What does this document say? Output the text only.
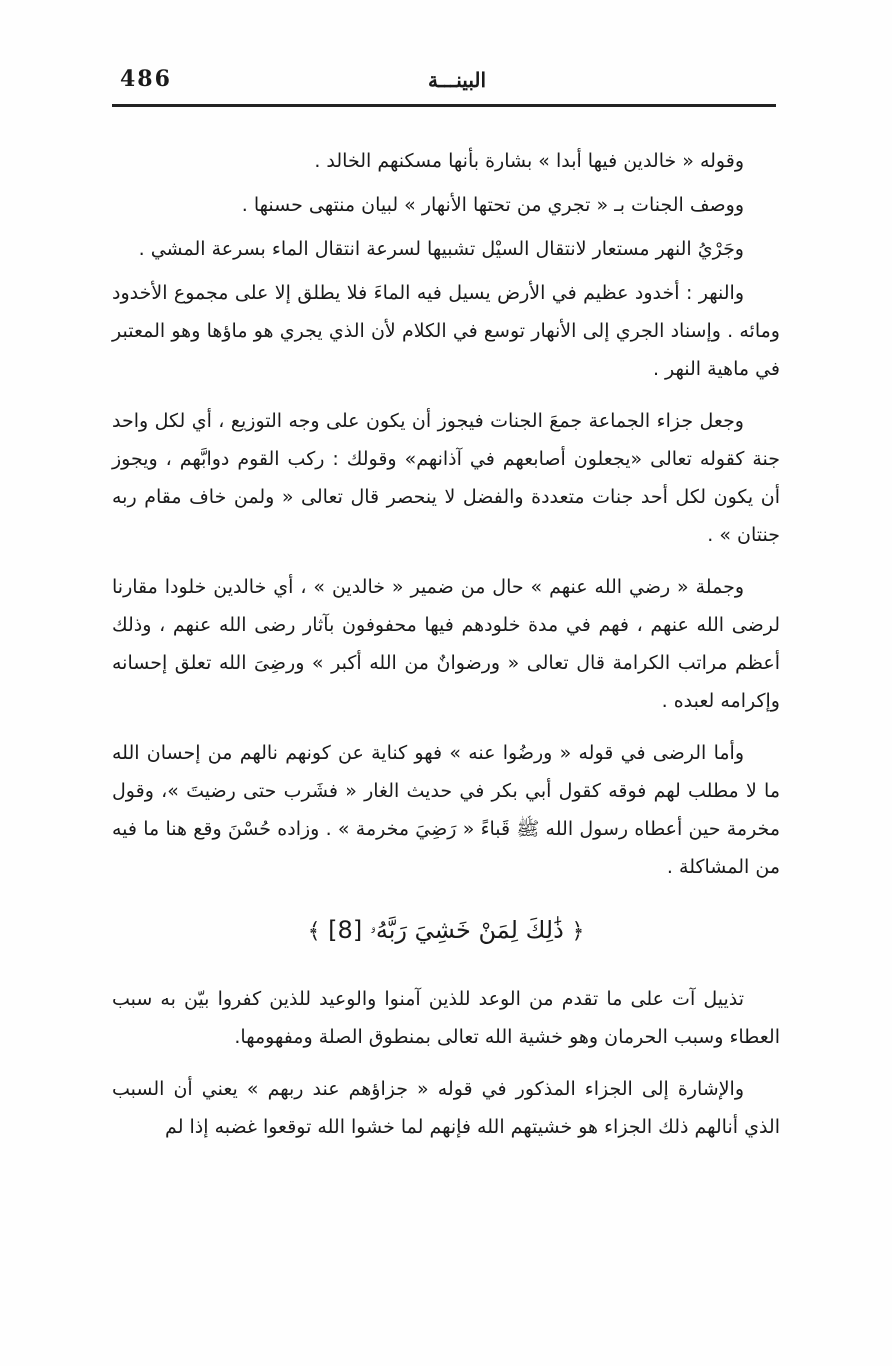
486	البينـــة

وقوله « خالدين فيها أبدا » بشارة بأنها مسكنهم الخالد .

ووصف الجنات بـ « تجري من تحتها الأنهار » لبيان منتهى حسنها .

وجَرْيُ النهر مستعار لانتقال السيْل تشبيها لسرعة انتقال الماء بسرعة المشي .

والنهر : أخدود عظيم في الأرض يسيل فيه الماءَ فلا يطلق إلا على مجموع الأخدود ومائه . وإسناد الجري إلى الأنهار توسع في الكلام لأن الذي يجري هو ماؤها وهو المعتبر في ماهية النهر .

وجعل جزاء الجماعة جمعَ الجنات فيجوز أن يكون على وجه التوزيع ، أي لكل واحد جنة كقوله تعالى «يجعلون أصابعهم في آذانهم» وقولك : ركب القوم دوابَّهم ، ويجوز أن يكون لكل أحد جنات متعددة والفضل لا ينحصر قال تعالى « ولمن خاف مقام ربه جنتان » .

وجملة « رضي الله عنهم » حال من ضمير « خالدين » ، أي خالدين خلودا مقارنا لرضى الله عنهم ، فهم في مدة خلودهم فيها محفوفون بآثار رضى الله عنهم ، وذلك أعظم مراتب الكرامة قال تعالى « ورضوانٌ من الله أكبر » ورضِىَ الله تعلق إحسانه وإكرامه لعبده .

وأما الرضى في قوله « ورضُوا عنه » فهو كناية عن كونهم نالهم من إحسان الله ما لا مطلب لهم فوقه كقول أبي بكر في حديث الغار « فشَرب حتى رضيتَ »، وقول مخرمة حين أعطاه رسول الله ﷺ قَباءً « رَضِيَ مخرمة » . وزاده حُسْنَ وقع هنا ما فيه من المشاكلة .

﴿ ذَٰلِكَ لِمَنْ خَشِيَ رَبَّهُۥ [8] ﴾

تذييل آت على ما تقدم من الوعد للذين آمنوا والوعيد للذين كفروا بيّن به سبب العطاء وسبب الحرمان وهو خشية الله تعالى بمنطوق الصلة ومفهومها.

والإشارة إلى الجزاء المذكور في قوله « جزاؤهم عند ربهم » يعني أن السبب الذي أنالهم ذلك الجزاء هو خشيتهم الله فإنهم لما خشوا الله توقعوا غضبه إذا لم
